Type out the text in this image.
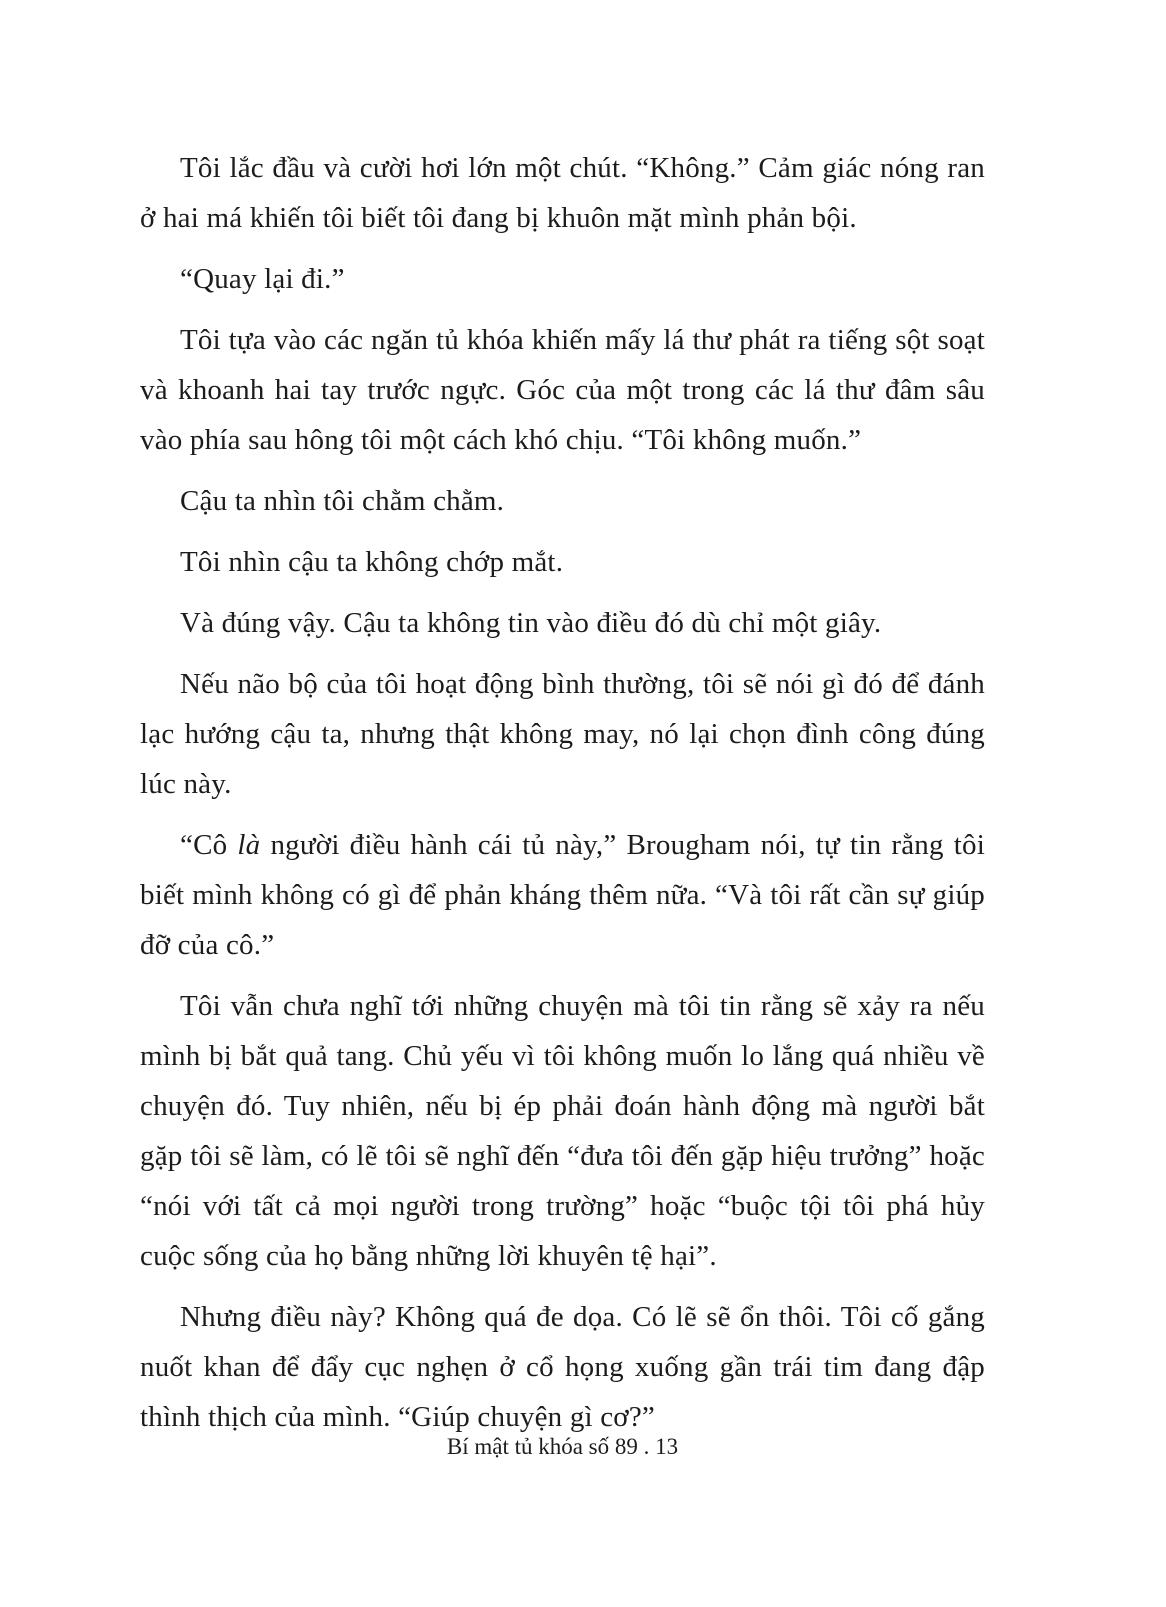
Tôi lắc đầu và cười hơi lớn một chút. “Không.” Cảm giác nóng ran ở hai má khiến tôi biết tôi đang bị khuôn mặt mình phản bội.

“Quay lại đi.”

Tôi tựa vào các ngăn tủ khóa khiến mấy lá thư phát ra tiếng sột soạt và khoanh hai tay trước ngực. Góc của một trong các lá thư đâm sâu vào phía sau hông tôi một cách khó chịu. “Tôi không muốn.”

Cậu ta nhìn tôi chằm chằm.

Tôi nhìn cậu ta không chớp mắt.

Và đúng vậy. Cậu ta không tin vào điều đó dù chỉ một giây.

Nếu não bộ của tôi hoạt động bình thường, tôi sẽ nói gì đó để đánh lạc hướng cậu ta, nhưng thật không may, nó lại chọn đình công đúng lúc này.

“Cô là người điều hành cái tủ này,” Brougham nói, tự tin rằng tôi biết mình không có gì để phản kháng thêm nữa. “Và tôi rất cần sự giúp đỡ của cô.”

Tôi vẫn chưa nghĩ tới những chuyện mà tôi tin rằng sẽ xảy ra nếu mình bị bắt quả tang. Chủ yếu vì tôi không muốn lo lắng quá nhiều về chuyện đó. Tuy nhiên, nếu bị ép phải đoán hành động mà người bắt gặp tôi sẽ làm, có lẽ tôi sẽ nghĩ đến “đưa tôi đến gặp hiệu trưởng” hoặc “nói với tất cả mọi người trong trường” hoặc “buộc tội tôi phá hủy cuộc sống của họ bằng những lời khuyên tệ hại”.

Nhưng điều này? Không quá đe dọa. Có lẽ sẽ ổn thôi. Tôi cố gắng nuốt khan để đẩy cục nghẹn ở cổ họng xuống gần trái tim đang đập thình thịch của mình. “Giúp chuyện gì cơ?”

Bí mật tủ khóa số 89 . 13
